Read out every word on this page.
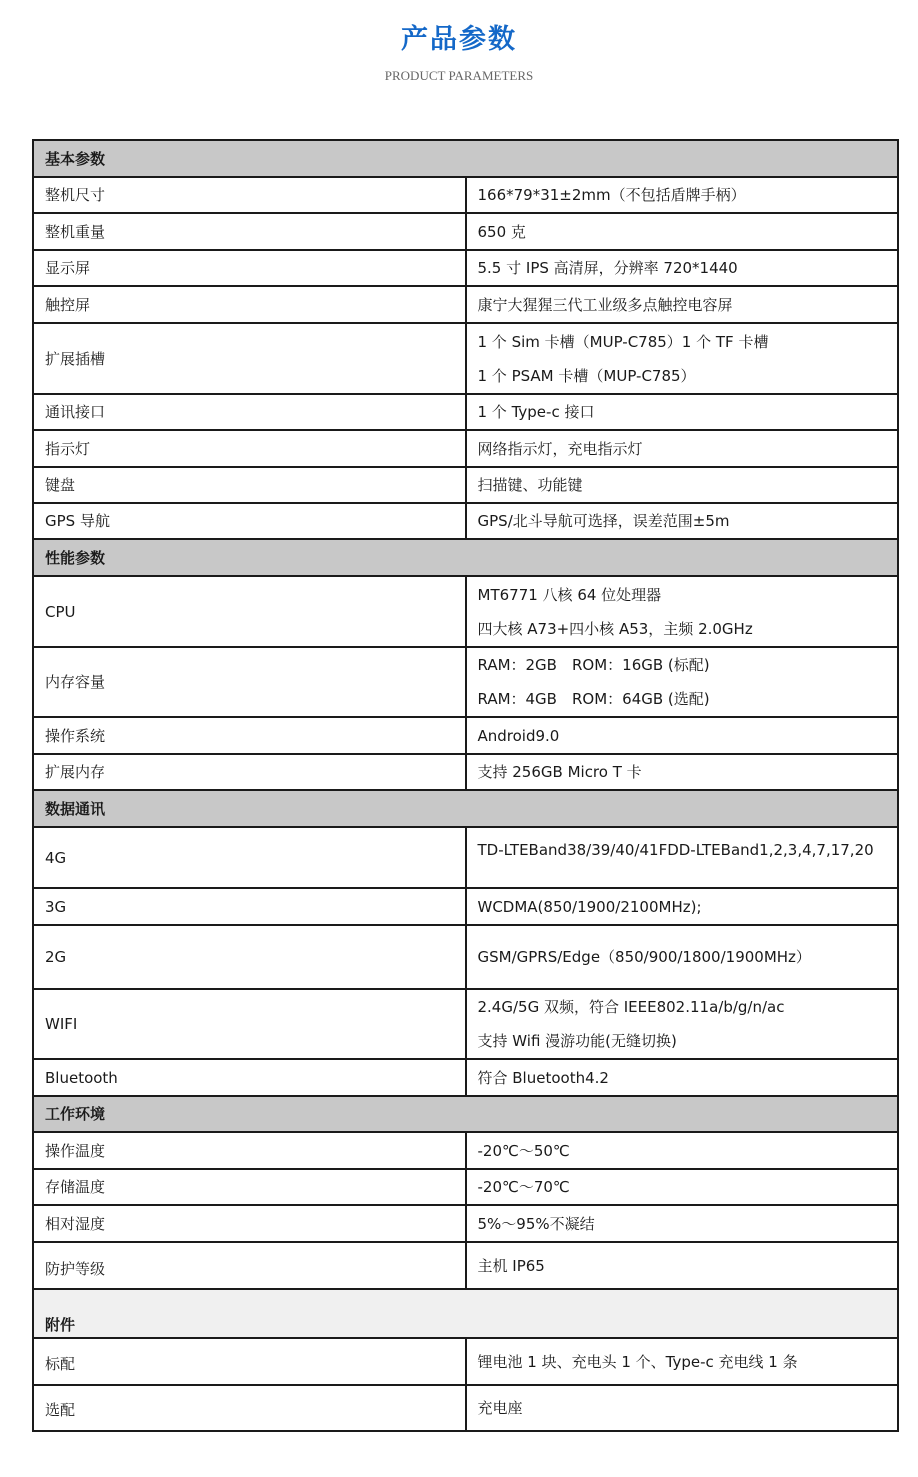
产品参数
PRODUCT PARAMETERS
基本参数	
整机尺寸	166*79*31±2mm（不包括盾牌手柄）
整机重量	650 克
显示屏	5.5 寸 IPS 高清屏，分辨率 720*1440
触控屏	康宁大猩猩三代工业级多点触控电容屏
扩展插槽	1 个 Sim 卡槽（MUP-C785）1 个 TF 卡槽
1 个 PSAM 卡槽（MUP-C785）

通讯接口	1 个 Type-c 接口
指示灯	网络指示灯，充电指示灯
键盘	扫描键、功能键
GPS 导航	GPS/北斗导航可选择，误差范围±5m
性能参数	
CPU	MT6771 八核 64 位处理器
四大核 A73+四小核 A53，主频 2.0GHz

内存容量	RAM：2GB　ROM：16GB (标配)
RAM：4GB　ROM：64GB (选配)

操作系统	Android9.0
扩展内存	支持 256GB Micro T 卡
数据通讯	
4G	TD-LTEBand38/39/40/41FDD-LTEBand1,2,3,4,7,17,20
3G	WCDMA(850/1900/2100MHz);
2G	GSM/GPRS/Edge（850/900/1800/1900MHz）
WIFI	2.4G/5G 双频，符合 IEEE802.11a/b/g/n/ac
支持 Wifi 漫游功能(无缝切换)

Bluetooth	符合 Bluetooth4.2
工作环境	
操作温度	-20℃～50℃
存储温度	-20℃～70℃
相对湿度	5%～95%不凝结
防护等级	主机 IP65
附件	
标配	锂电池 1 块、充电头 1 个、Type-c 充电线 1 条
选配	充电座
